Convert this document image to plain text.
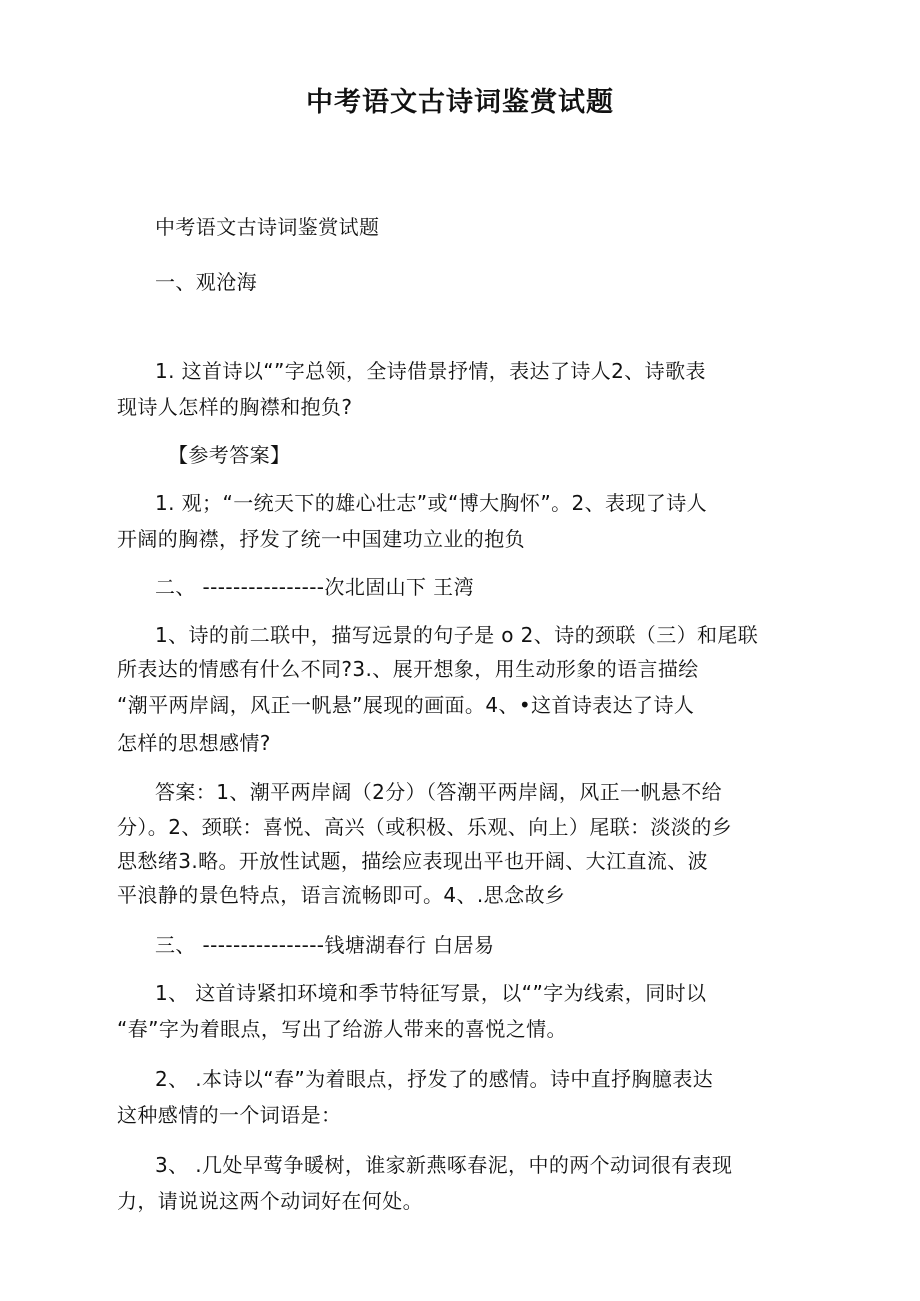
中考语文古诗词鉴赏试题
中考语文古诗词鉴赏试题
一、观沧海
1. 这首诗以“”字总领，全诗借景抒情，表达了诗人2、诗歌表
现诗人怎样的胸襟和抱负?
【参考答案】
1. 观；“一统天下的雄心壮志”或“博大胸怀”。2、表现了诗人
开阔的胸襟，抒发了统一中国建功立业的抱负
二、 ----------------次北固山下 王湾
1、诗的前二联中，描写远景的句子是 o 2、诗的颈联（三）和尾联
所表达的情感有什么不同?3.、展开想象，用生动形象的语言描绘
“潮平两岸阔，风正一帆悬”展现的画面。4、•这首诗表达了诗人
怎样的思想感情?
答案：1、潮平两岸阔（2分）（答潮平两岸阔，风正一帆悬不给
分）。2、颈联：喜悦、高兴（或积极、乐观、向上）尾联：淡淡的乡
思愁绪3.略。开放性试题，描绘应表现出平也开阔、大江直流、波
平浪静的景色特点，语言流畅即可。4、.思念故乡
三、 ----------------钱塘湖春行 白居易
1、 这首诗紧扣环境和季节特征写景，以“”字为线索，同时以
“春”字为着眼点，写出了给游人带来的喜悦之情。
2、 .本诗以“春”为着眼点，抒发了的感情。诗中直抒胸臆表达
这种感情的一个词语是：
3、 .几处早莺争暖树，谁家新燕啄春泥，中的两个动词很有表现
力，请说说这两个动词好在何处。
